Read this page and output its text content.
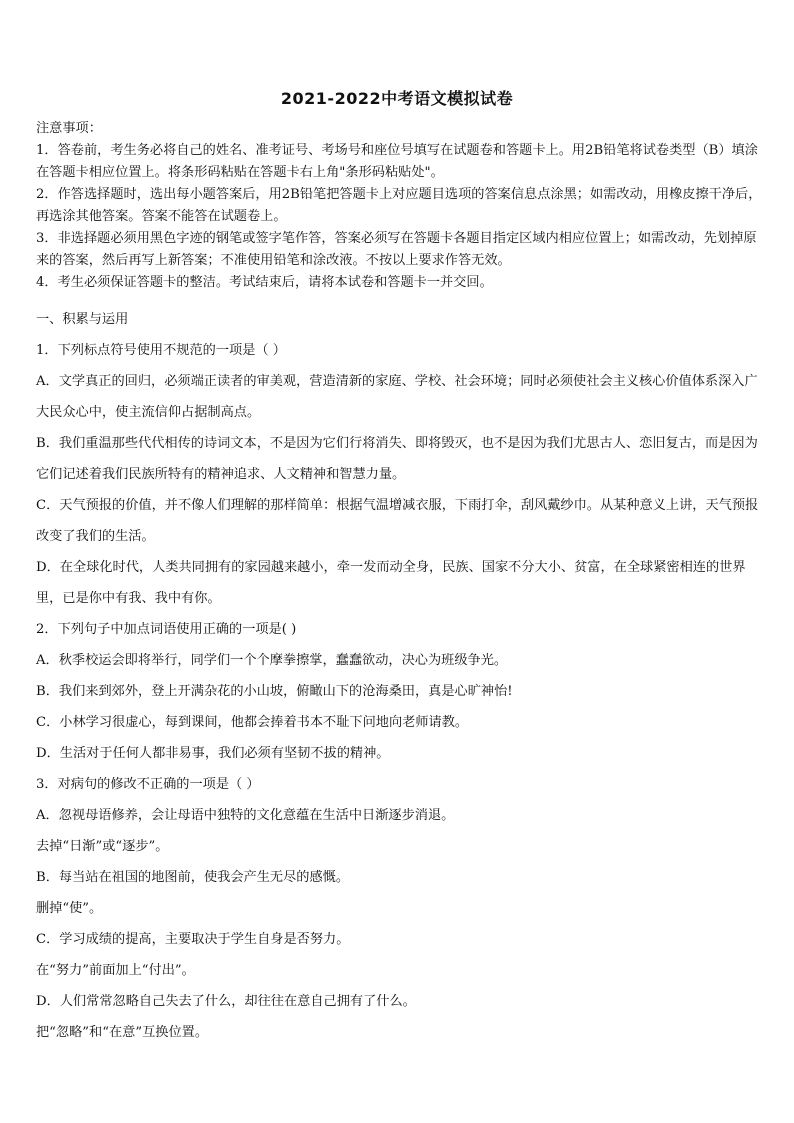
2021-2022中考语文模拟试卷

注意事项：

1．答卷前，考生务必将自己的姓名、准考证号、考场号和座位号填写在试题卷和答题卡上。用2B铅笔将试卷类型（B）填涂在答题卡相应位置上。将条形码粘贴在答题卡右上角"条形码粘贴处"。

2．作答选择题时，选出每小题答案后，用2B铅笔把答题卡上对应题目选项的答案信息点涂黑；如需改动，用橡皮擦干净后，再选涂其他答案。答案不能答在试题卷上。

3．非选择题必须用黑色字迹的钢笔或签字笔作答，答案必须写在答题卡各题目指定区域内相应位置上；如需改动，先划掉原来的答案，然后再写上新答案；不准使用铅笔和涂改液。不按以上要求作答无效。

4．考生必须保证答题卡的整洁。考试结束后，请将本试卷和答题卡一并交回。

一、积累与运用

1．下列标点符号使用不规范的一项是（ ）

A．文学真正的回归，必须端正读者的审美观，营造清新的家庭、学校、社会环境；同时必须使社会主义核心价值体系深入广大民众心中，使主流信仰占据制高点。

B．我们重温那些代代相传的诗词文本，不是因为它们行将消失、即将毁灭，也不是因为我们尤思古人、恋旧复古，而是因为它们记述着我们民族所特有的精神追求、人文精神和智慧力量。

C．天气预报的价值，并不像人们理解的那样简单：根据气温增减衣服，下雨打伞，刮风戴纱巾。从某种意义上讲，天气预报改变了我们的生活。

D．在全球化时代，人类共同拥有的家园越来越小，牵一发而动全身，民族、国家不分大小、贫富，在全球紧密相连的世界里，已是你中有我、我中有你。

2．下列句子中加点词语使用正确的一项是( )

A．秋季校运会即将举行，同学们一个个摩拳擦掌，蠢蠢欲动，决心为班级争光。

B．我们来到郊外，登上开满杂花的小山坡，俯瞰山下的沧海桑田，真是心旷神怡!

C．小林学习很虚心，每到课间，他都会捧着书本不耻下问地向老师请教。

D．生活对于任何人都非易事，我们必须有坚韧不拔的精神。

3．对病句的修改不正确的一项是（ ）

A．忽视母语修养，会让母语中独特的文化意蕴在生活中日渐逐步消退。

去掉“日渐”或“逐步”。

B．每当站在祖国的地图前，使我会产生无尽的感慨。

删掉“使”。

C．学习成绩的提高，主要取决于学生自身是否努力。

在“努力”前面加上“付出”。

D．人们常常忽略自己失去了什么，却往往在意自己拥有了什么。

把“忽略”和“在意”互换位置。
